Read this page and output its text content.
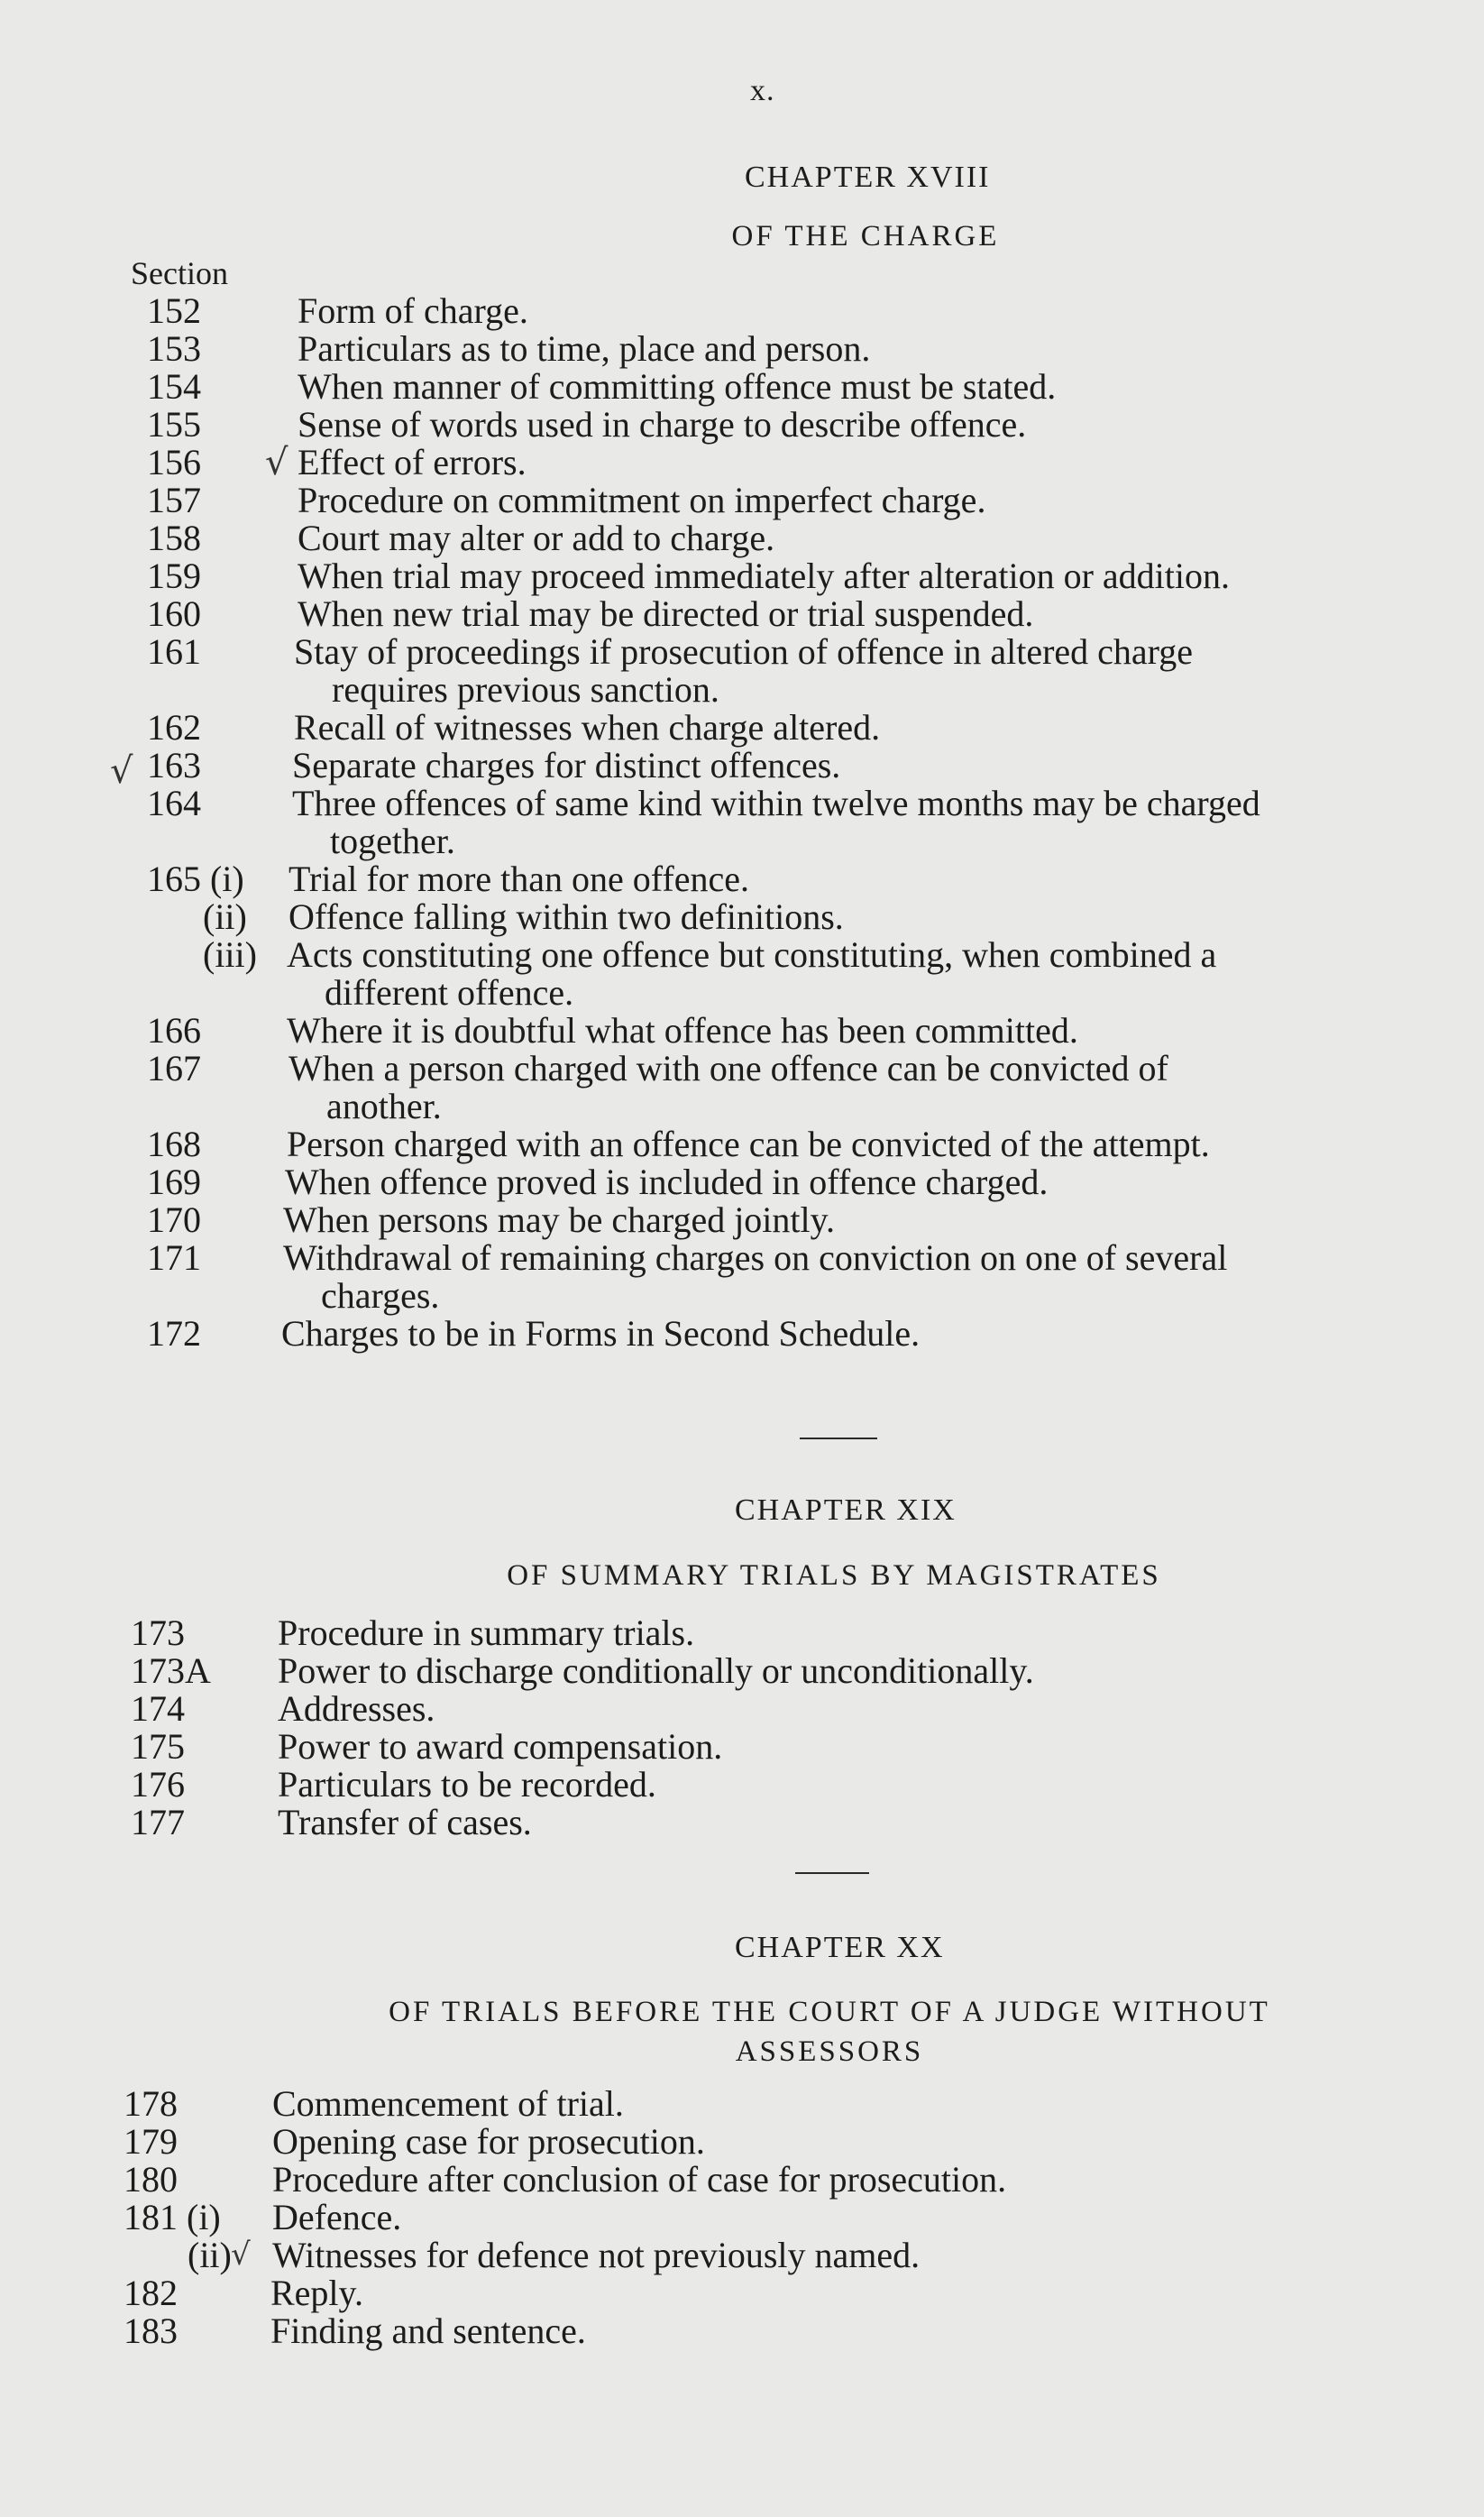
x.
CHAPTER XVIII
OF THE CHARGE
Section
152	Form of charge.
153	Particulars as to time, place and person.
154	When manner of committing offence must be stated.
155	Sense of words used in charge to describe offence.
156	Effect of errors.
157	Procedure on commitment on imperfect charge.
158	Court may alter or add to charge.
159	When trial may proceed immediately after alteration or addition.
160	When new trial may be directed or trial suspended.
161	Stay of proceedings if prosecution of offence in altered charge
requires previous sanction.
162	Recall of witnesses when charge altered.
163	Separate charges for distinct offences.
164	Three offences of same kind within twelve months may be charged
together.
165 (i) Trial for more than one offence.
(ii) Offence falling within two definitions.
(iii) Acts constituting one offence but constituting, when combined a
different offence.
166 Where it is doubtful what offence has been committed.
167 When a person charged with one offence can be convicted of
another.
168 Person charged with an offence can be convicted of the attempt.
169 When offence proved is included in offence charged.
170 When persons may be charged jointly.
171 Withdrawal of remaining charges on conviction on one of several
charges.
172 Charges to be in Forms in Second Schedule.
CHAPTER XIX
OF SUMMARY TRIALS BY MAGISTRATES
173	Procedure in summary trials.
173A Power to discharge conditionally or unconditionally.
174	Addresses.
175	Power to award compensation.
176	Particulars to be recorded.
177	Transfer of cases.
CHAPTER XX
OF TRIALS BEFORE THE COURT OF A JUDGE WITHOUT
ASSESSORS
178	Commencement of trial.
179	Opening case for prosecution.
180	Procedure after conclusion of case for prosecution.
181 (i) Defence.
(ii) Witnesses for defence not previously named.
182	Reply.
183	Finding and sentence.
√
√
√
